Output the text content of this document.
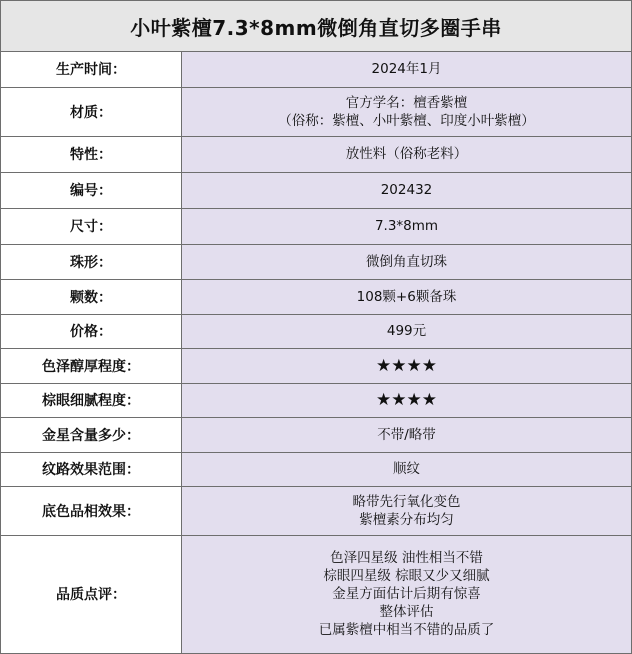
小叶紫檀7.3*8mm微倒角直切多圈手串
生产时间：	2024年1月

材质：	官方学名：檀香紫檀
（俗称：紫檀、小叶紫檀、印度小叶紫檀）

特性：	放性料（俗称老料）

编号：	202432

尺寸：	7.3*8mm

珠形：	微倒角直切珠

颗数：	108颗+6颗备珠

价格：	499元

色泽醇厚程度：	★★★★

棕眼细腻程度：	★★★★

金星含量多少：	不带/略带

纹路效果范围：	顺纹

底色品相效果：	略带先行氧化变色
紫檀素分布均匀

品质点评：	色泽四星级 油性相当不错
棕眼四星级 棕眼又少又细腻
金星方面估计后期有惊喜
整体评估
已属紫檀中相当不错的品质了
